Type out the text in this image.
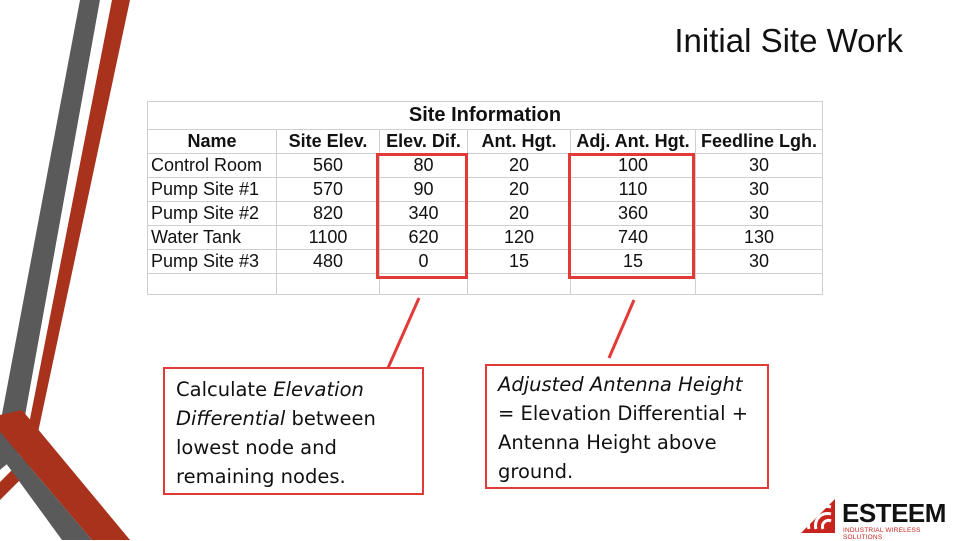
Initial Site Work
Site Information					
Name	Site Elev.	Elev. Dif.	Ant. Hgt.	Adj. Ant. Hgt.	Feedline Lgh.
Control Room	560	80	20	100	30
Pump Site #1	570	90	20	110	30
Pump Site #2	820	340	20	360	30
Water Tank	1100	620	120	740	130
Pump Site #3	480	0	15	15	30

Calculate Elevation Differential between lowest node and remaining nodes.
Adjusted Antenna Height = Elevation Differential + Antenna Height above ground.
ESTEEM
INDUSTRIAL WIRELESS SOLUTIONS
